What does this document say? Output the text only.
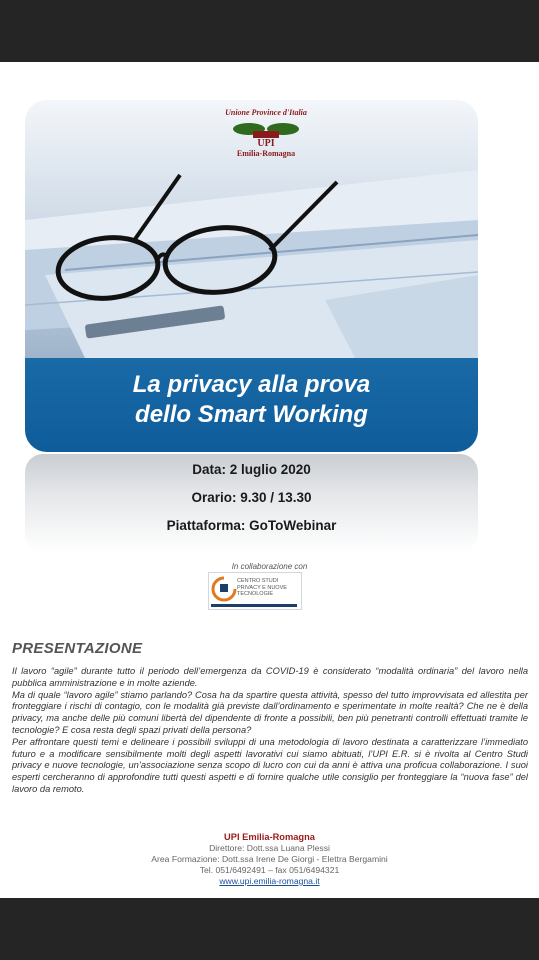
Unione Province d'Italia
UPI
Emilia-Romagna
La privacy alla prova
dello Smart Working
Data: 2 luglio 2020
Orario: 9.30 / 13.30
Piattaforma: GoToWebinar
In collaborazione con
CENTRO STUDI
PRIVACY E NUOVE
TECNOLOGIE
PRESENTAZIONE

Il lavoro “agile” durante tutto il periodo dell’emergenza da COVID-19 è considerato “modalità ordinaria” del lavoro nella pubblica amministrazione e in molte aziende.

Ma di quale “lavoro agile” stiamo parlando? Cosa ha da spartire questa attività, spesso del tutto improvvisata ed allestita per fronteggiare i rischi di contagio, con le modalità già previste dall’ordinamento e sperimentate in molte realtà? Che ne è della privacy, ma anche delle più comuni libertà del dipendente di fronte a possibili, ben più penetranti controlli effettuati tramite le tecnologie? E cosa resta degli spazi privati della persona?

Per affrontare questi temi e delineare i possibili sviluppi di una metodologia di lavoro destinata a caratterizzare l’immediato futuro e a modificare sensibilmente molti degli aspetti lavorativi cui siamo abituati, l’UPI E.R. si è rivolta al Centro Studi privacy e nuove tecnologie, un’associazione senza scopo di lucro con cui da anni è attiva una proficua collaborazione. I suoi esperti cercheranno di approfondire tutti questi aspetti e di fornire qualche utile consiglio per fronteggiare la “nuova fase” del lavoro da remoto.

UPI Emilia-Romagna
Direttore: Dott.ssa Luana Plessi
Area Formazione: Dott.ssa Irene De Giorgi - Elettra Bergamini
Tel. 051/6492491 – fax 051/6494321
www.upi.emilia-romagna.it
